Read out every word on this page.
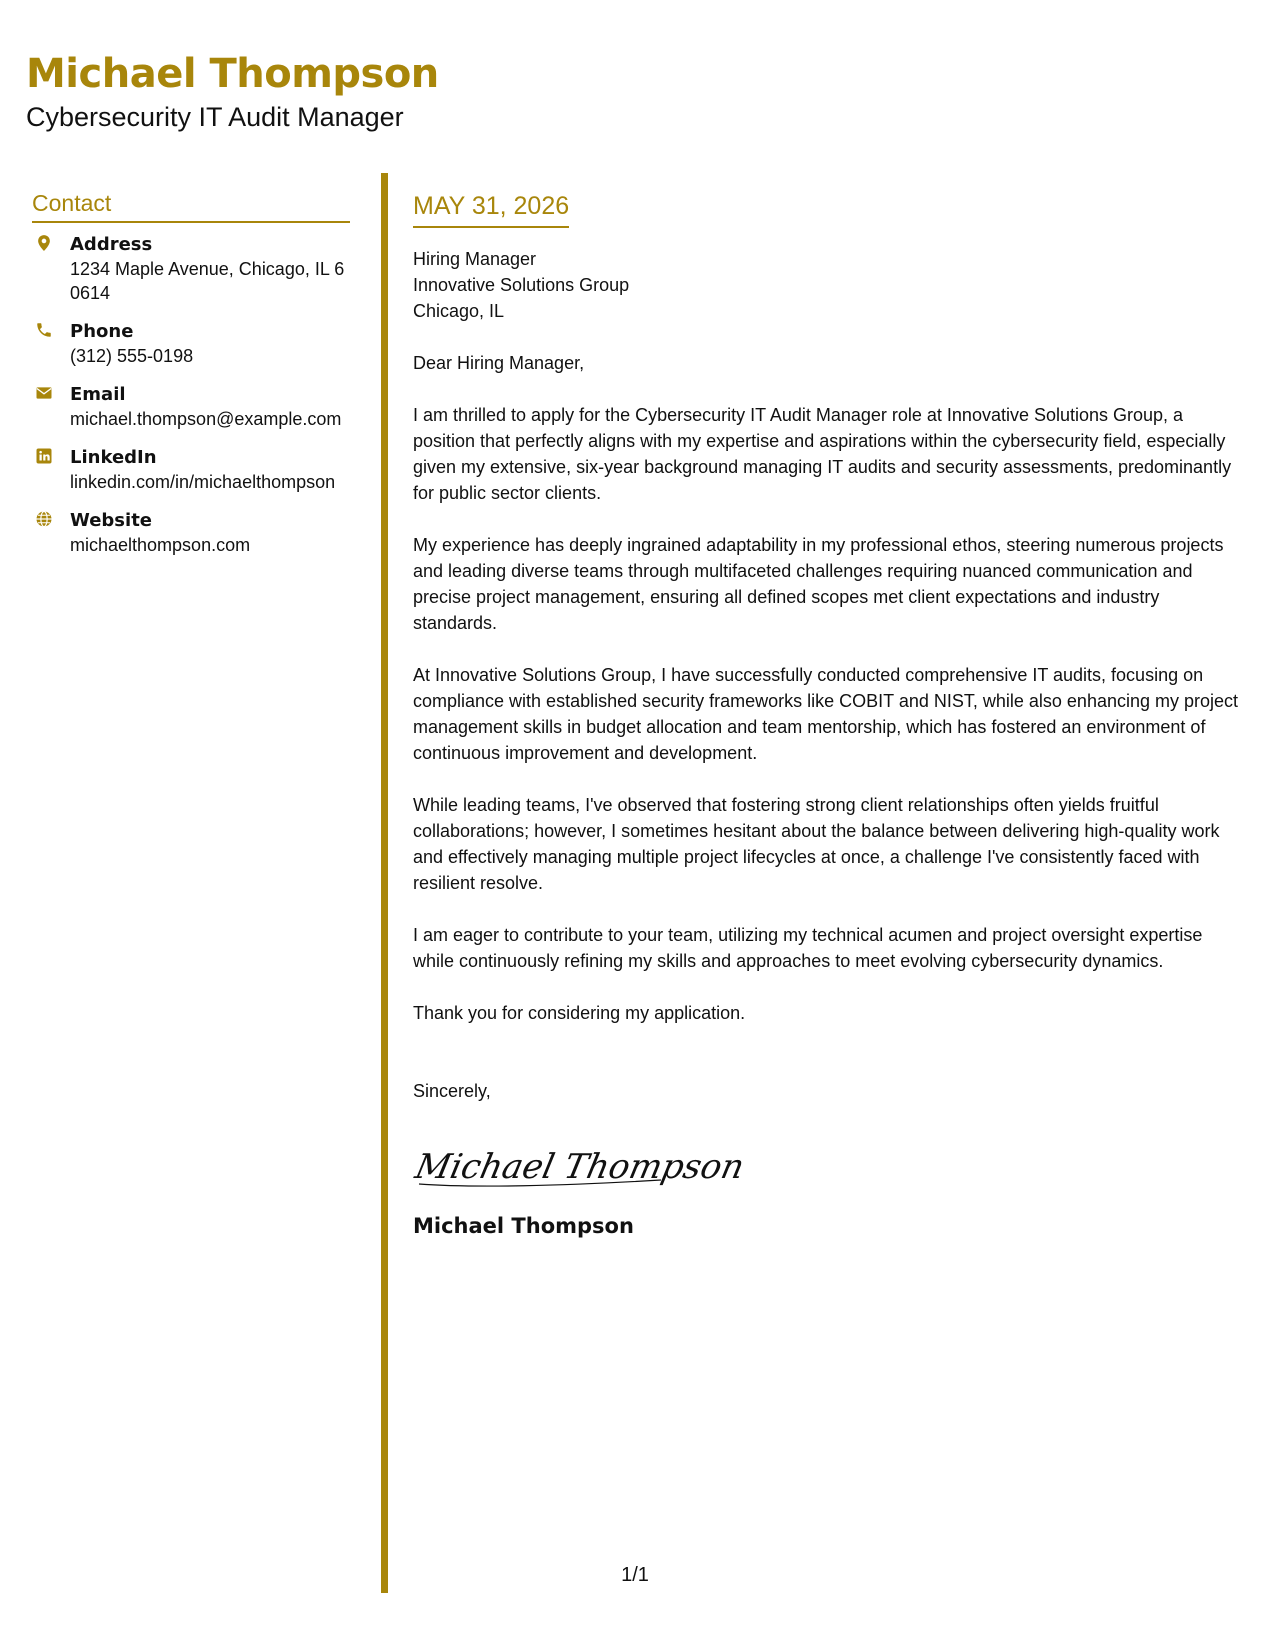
Michael Thompson
Cybersecurity IT Audit Manager
Contact
Address
1234 Maple Avenue, Chicago, IL 60614
Phone
(312) 555-0198
Email
michael.thompson@example.com
LinkedIn
linkedin.com/in/michaelthompson
Website
michaelthompson.com
MAY 31, 2026
Hiring Manager
Innovative Solutions Group
Chicago, IL
Dear Hiring Manager,

I am thrilled to apply for the Cybersecurity IT Audit Manager role at Innovative Solutions Group, a position that perfectly aligns with my expertise and aspirations within the cybersecurity field, especially given my extensive, six-year background managing IT audits and security assessments, predominantly for public sector clients.

My experience has deeply ingrained adaptability in my professional ethos, steering numerous projects and leading diverse teams through multifaceted challenges requiring nuanced communication and precise project management, ensuring all defined scopes met client expectations and industry standards.

At Innovative Solutions Group, I have successfully conducted comprehensive IT audits, focusing on compliance with established security frameworks like COBIT and NIST, while also enhancing my project management skills in budget allocation and team mentorship, which has fostered an environment of continuous improvement and development.

While leading teams, I've observed that fostering strong client relationships often yields fruitful collaborations; however, I sometimes hesitant about the balance between delivering high-quality work and effectively managing multiple project lifecycles at once, a challenge I've consistently faced with resilient resolve.

I am eager to contribute to your team, utilizing my technical acumen and project oversight expertise while continuously refining my skills and approaches to meet evolving cybersecurity dynamics.

Thank you for considering my application.

Sincerely,
Michael Thompson
Michael Thompson
1/1
